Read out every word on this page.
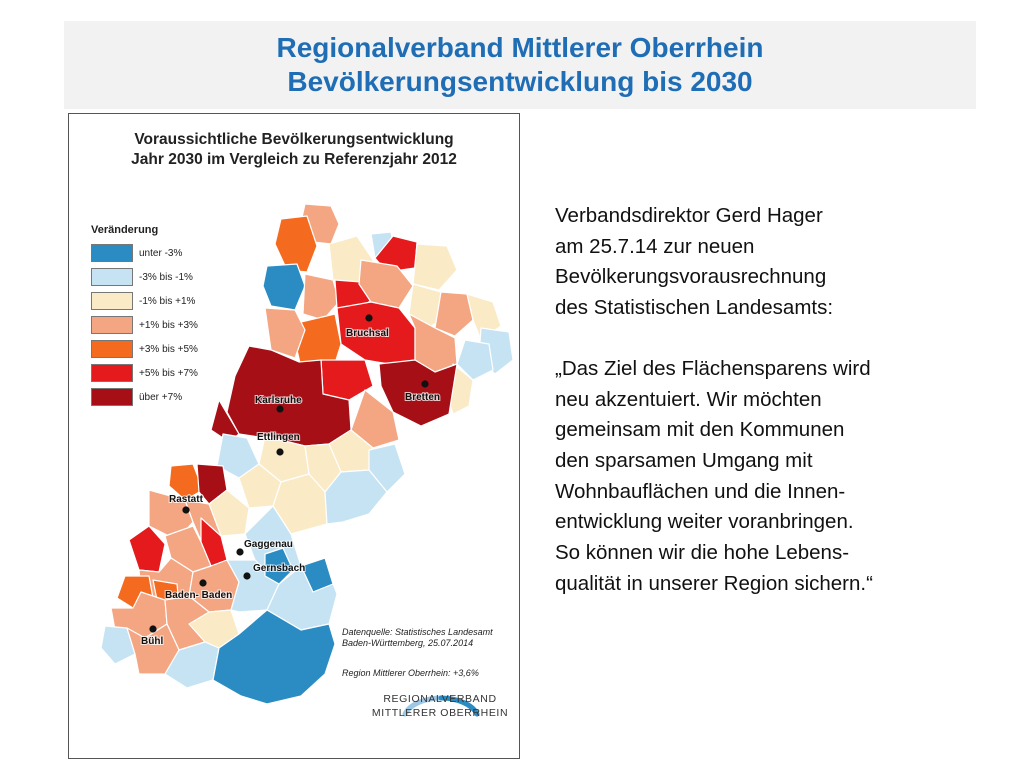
Regionalverband Mittlerer Oberrhein
Bevölkerungsentwicklung bis 2030
Bruchsal
Bretten
Karlsruhe
Ettlingen
Rastatt
Gaggenau
Gernsbach
Baden- Baden
Bühl
Voraussichtliche Bevölkerungsentwicklung
Jahr 2030 im Vergleich zu Referenzjahr 2012
Veränderung
unter -3%
-3% bis -1%
-1% bis +1%
+1% bis +3%
+3% bis +5%
+5% bis +7%
über +7%
Datenquelle: Statistisches Landesamt
Baden-Württemberg, 25.07.2014
Region Mittlerer Oberrhein: +3,6%
REGIONALVERBAND
MITTLERER OBERRHEIN
Verbandsdirektor Gerd Hager
am 25.7.14 zur neuen
Bevölkerungsvorausrechnung
des Statistischen Landesamts:
„Das Ziel des Flächensparens wird
neu akzentuiert. Wir möchten
gemeinsam mit den Kommunen
den sparsamen Umgang mit
Wohnbauflächen und die Innen-
entwicklung weiter voranbringen.
So können wir die hohe Lebens-
qualität in unserer Region sichern.“
